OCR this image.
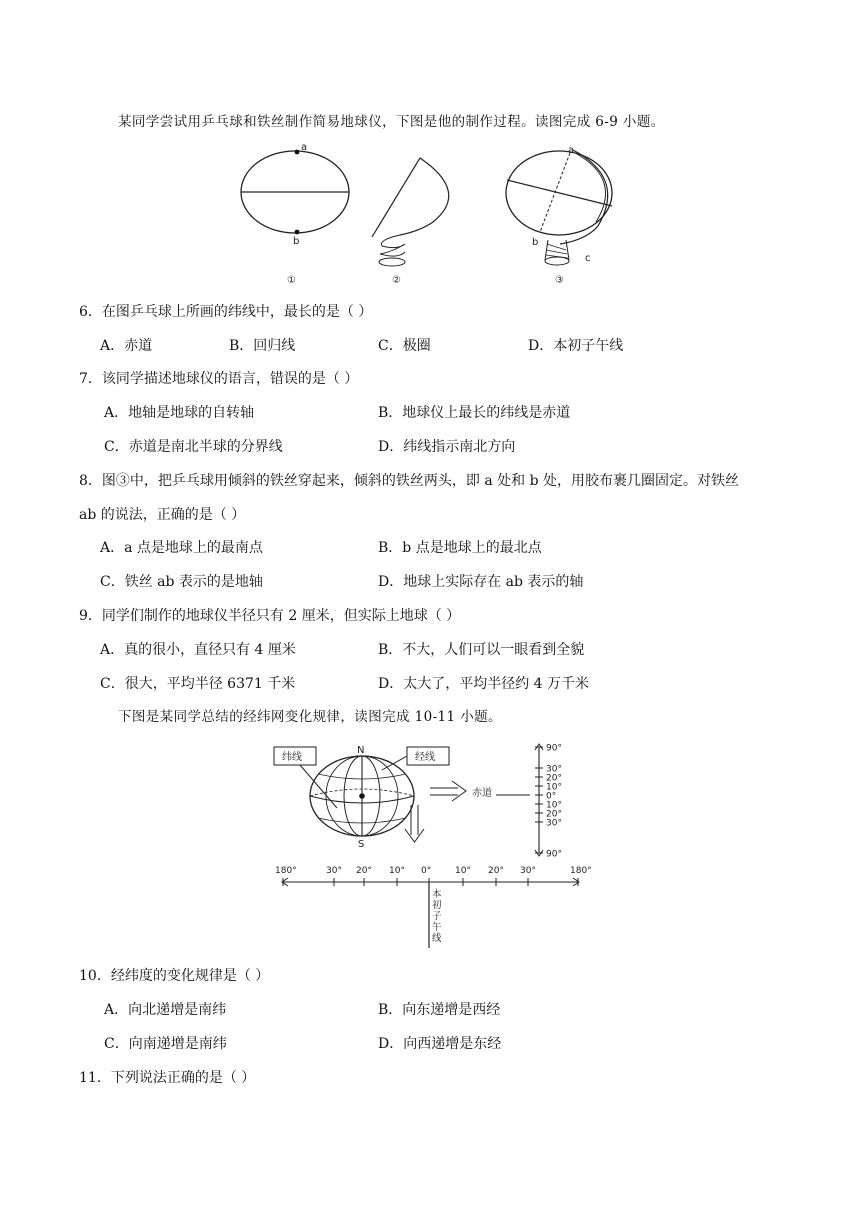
某同学尝试用乒乓球和铁丝制作简易地球仪，下图是他的制作过程。读图完成 6-9 小题。
a
b
①	②
a
b
c
③
6．在图乒乓球上所画的纬线中，最长的是（ ）
A．赤道	B．回归线	C．极圈	D．本初子午线
7．该同学描述地球仪的语言，错误的是（ ）
A．地轴是地球的自转轴	B．地球仪上最长的纬线是赤道
C．赤道是南北半球的分界线	D．纬线指示南北方向
8．图③中，把乒乓球用倾斜的铁丝穿起来，倾斜的铁丝两头，即 a 处和 b 处，用胶布裹几圈固定。对铁丝
ab 的说法，正确的是（ ）
A．a 点是地球上的最南点	B．b 点是地球上的最北点
C．铁丝 ab 表示的是地轴	D．地球上实际存在 ab 表示的轴
9．同学们制作的地球仪半径只有 2 厘米，但实际上地球（ ）
A．真的很小，直径只有 4 厘米	B．不大，人们可以一眼看到全貌
C．很大，平均半径 6371 千米	D．太大了，平均半径约 4 万千米
下图是某同学总结的经纬网变化规律，读图完成 10-11 小题。
纬线	经线
N
S
赤道
90°
30°
20°
10°
0°
10°
20°
30°
90°
180°	30° 20° 10° 0°	10° 20° 30°	180°
本
初
子
午
线
10．经纬度的变化规律是（ ）
A．向北递增是南纬	B．向东递增是西经
C．向南递增是南纬	D．向西递增是东经
11．下列说法正确的是（ ）
